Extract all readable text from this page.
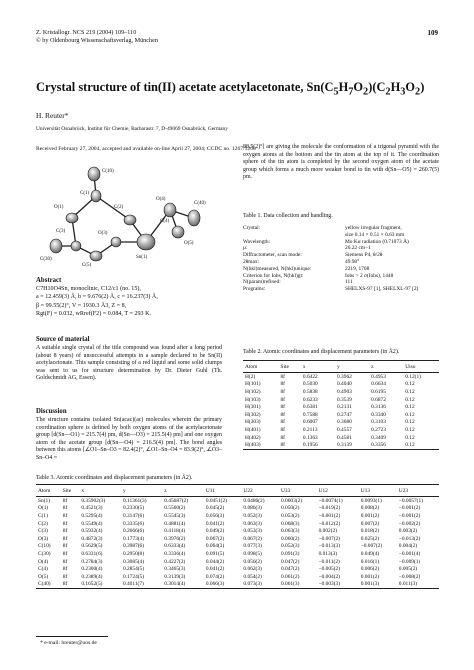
Z. Kristallogr. NCS 219 (2004) 109–110
© by Oldenbourg Wissenschaftsverlag, München
109
Crystal structure of tin(II) acetate acetylacetonate, $Sn(C_5H_7O_2)(C_2H_3O_2)$
H. Reuter*
Universität Osnabrück, Institut für Chemie, Barbarastr. 7, D-49069 Osnabrück, Germany
Received February 27, 2004, accepted and available on-line April 27, 2004; CCDC no. 1267/1266
C(10)
C(1)
O(1)	C(2)
C(3)	O(3)
O(4)
C(40)
O(5)
Sn(1)
C(4)
C(30)
C(5)
Abstract
C7H10O4Sn, monoclinic, C12/c1 (no. 15),
a = 12.459(3) Å, b = 9.676(2) Å, c = 16.237(3) Å,
β = 99.55(2)°, V = 1930.3 Å3, Z = 8,
Rgt(F) = 0.032, wRref(F2) = 0.084, T = 293 K.
Source of material
A suitable single crystal of the title compound was found after a long period (about 8 years) of unsuccessful attempts in a sample declared to be Sn(II) acetylacetonate. This sample consisting of a red liquid and some solid clumps was sent to us for structure determination by Dr. Dieter Guhl (Th. Goldschmidt AG, Essen).
Discussion
The structure contains isolated Sn(acac)(ac) molecules wherein the primary coordination sphere is defined by both oxygen atoms of the acetylacetonate group [d(Sn—O1) = 215.7(4) pm, d(Sn—O3) = 215.5(4) pm] and one oxygen atom of the acetate group [d(Sn—O4) = 216.5(4) pm]. The bond angles between this atoms [∠O1–Sn–O3 = 82.4(2)°, ∠O1–Sn–O4 = 83.9(2)°, ∠O3–Sn–O4 =
88.5(2)°] are giving the molecule the conformation of a trigonal pyramid with the oxygen atoms at the bottom and the tin atom at the top of it. The coordination sphere of the tin atom is completed by the second oxygen atom of the acetate group which forms a much more weaker bond to tin with d(Sn—O5) = 260.7(5) pm.
Table 1. Data collection and handling.
Crystal:	yellow irregular fragment,
size 0.14 × 0.51 × 0.63 mm
Wavelength:	Mo Kα radiation (0.71073 Å)
μ:	26.22 cm−1
Diffractometer, scan mode:	Siemens P4, θ/2θ
2θmax:	49.98°
N(hkl)measured, N(hkl)unique:	2219, 1708
Criterion for Iobs, N(hkl)gt:	Iobs > 2 σ(Iobs), 1448
N(param)refined:	111
Programs:	SHELXS-97 [1], SHELXL-97 [2]
Table 2. Atomic coordinates and displacement parameters (in Å2).
Atom	Site	x	y	z	Uiso
H(2)	8f	0.6422	0.3962	0.4953	0.12(1)
H(101)	8f	0.5030	0.4040	0.6634	0.12
H(102)	8f	0.5838	0.4903	0.6195	0.12
H(103)	8f	0.6233	0.3539	0.6872	0.12
H(301)	8f	0.6381	0.2131	0.3136	0.12
H(302)	8f	0.7588	0.2747	0.3340	0.12
H(303)	8f	0.6007	0.3680	0.3103	0.12
H(401)	8f	0.2113	0.4557	0.2723	0.12
H(402)	8f	0.1363	0.4581	0.3409	0.12
H(403)	8f	0.1956	0.3139	0.3356	0.12
Table 3. Atomic coordinates and displacement parameters (in Å2).
Atom	Site	x	y	z	U11	U22	U33	U12	U13	U23
Sn(1)	8f	0.35902(3)	0.11361(3)	0.45687(2)	0.0451(2)	0.0486(2)	0.0603(2)	−0.0074(1)	0.0093(1)	−0.0057(1)
O(1)	8f	0.4521(3)	0.2330(5)	0.5560(2)	0.045(2)	0.086(3)	0.050(2)	−0.019(2)	0.008(2)	−0.001(2)
C(1)	8f	0.5295(4)	0.3147(6)	0.5545(3)	0.056(3)	0.052(3)	0.053(2)	−0.001(2)	0.001(2)	−0.001(2)
C(2)	8f	0.5549(4)	0.3335(6)	0.4881(4)	0.041(2)	0.063(3)	0.068(3)	−0.012(2)	0.007(2)	−0.002(2)
C(3)	8f	0.5932(4)	0.2666(6)	0.4118(4)	0.049(2)	0.053(3)	0.063(3)	0.002(2)	0.018(2)	0.003(2)
O(3)	8f	0.4872(3)	0.1773(4)	0.3976(2)	0.067(2)	0.067(2)	0.060(2)	−0.007(2)	0.025(2)	−0.013(2)
C(10)	8f	0.5629(5)	0.3987(6)	0.6333(4)	0.064(3)	0.077(3)	0.052(3)	−0.013(3)	−0.007(2)	0.004(2)
C(30)	8f	0.6331(6)	0.2950(8)	0.3336(4)	0.091(5)	0.098(5)	0.091(3)	0.013(3)	0.049(4)	−0.001(4)
O(4)	8f	0.2784(3)	0.3085(4)	0.4227(2)	0.044(2)	0.056(2)	0.047(2)	−0.011(2)	0.016(1)	−0.009(1)
C(4)	8f	0.2300(4)	0.2854(5)	0.3465(3)	0.041(2)	0.062(3)	0.047(2)	−0.005(2)	0.006(2)	0.005(2)
O(5)	8f	0.2389(4)	0.1724(5)	0.3139(3)	0.074(2)	0.054(2)	0.061(2)	−0.004(2)	0.001(2)	−0.008(2)
C(40)	8f	0.1652(5)	0.4011(7)	0.3014(4)	0.066(3)	0.073(3)	0.061(3)	−0.003(3)	0.001(3)	0.011(3)
* e-mail: hreuter@uos.de
